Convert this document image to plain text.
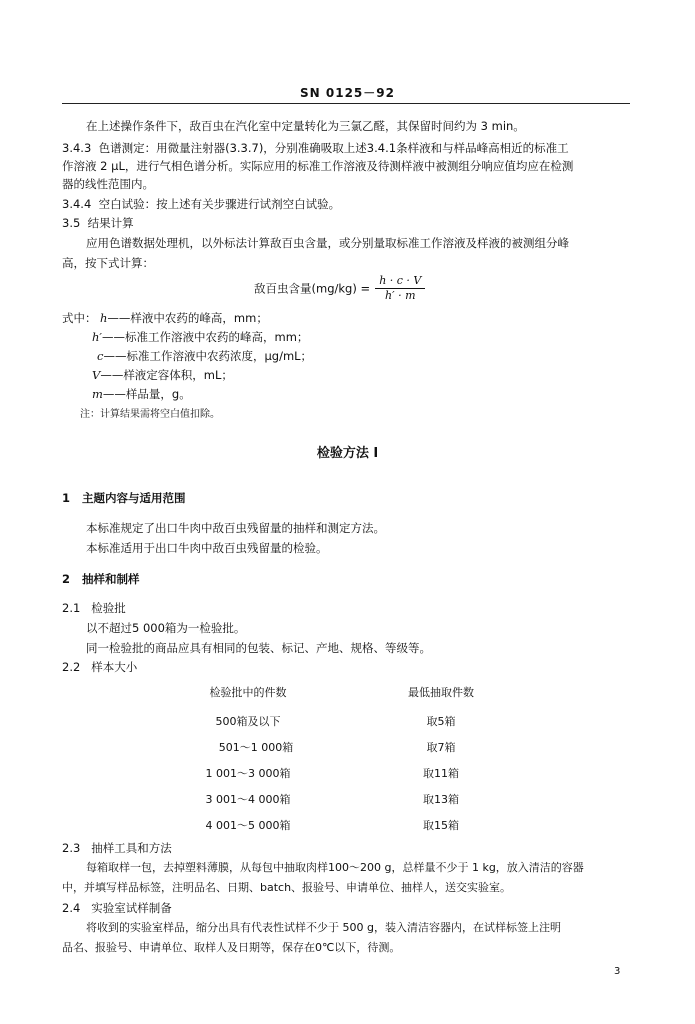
SN 0125－92
在上述操作条件下，敌百虫在汽化室中定量转化为三氯乙醛，其保留时间约为 3 min。
3.4.3 色谱测定：用微量注射器(3.3.7)，分别准确吸取上述3.4.1条样液和与样品峰高相近的标准工
作溶液 2 μL，进行气相色谱分析。实际应用的标准工作溶液及待测样液中被测组分响应值均应在检测
器的线性范围内。
3.4.4 空白试验：按上述有关步骤进行试剂空白试验。
3.5 结果计算
应用色谱数据处理机，以外标法计算敌百虫含量，或分别量取标准工作溶液及样液的被测组分峰
高，按下式计算：
敌百虫含量$(mg/kg) = \frac{h \cdot c \cdot V}{h' \cdot m}$
式中： h——样液中农药的峰高，mm；
h′——标准工作溶液中农药的峰高，mm；
c——标准工作溶液中农药浓度，μg/mL；
V——样液定容体积，mL；
m——样品量，g。
注：计算结果需将空白值扣除。
检验方法 I
1 主题内容与适用范围
本标准规定了出口牛肉中敌百虫残留量的抽样和测定方法。
本标准适用于出口牛肉中敌百虫残留量的检验。
2 抽样和制样
2.1 检验批
以不超过5 000箱为一检验批。
同一检验批的商品应具有相同的包装、标记、产地、规格、等级等。
2.2 样本大小
检验批中的件数	最低抽取件数
500箱及以下	取5箱
501～1 000箱	取7箱
1 001～3 000箱	取11箱
3 001～4 000箱	取13箱
4 001～5 000箱	取15箱
2.3 抽样工具和方法
每箱取样一包，去掉塑料薄膜，从每包中抽取肉样100～200 g，总样量不少于 1 kg，放入清洁的容器
中，并填写样品标签，注明品名、日期、batch、报验号、申请单位、抽样人，送交实验室。
2.4 实验室试样制备
将收到的实验室样品，缩分出具有代表性试样不少于 500 g，装入清洁容器内，在试样标签上注明
品名、报验号、申请单位、取样人及日期等，保存在0℃以下，待测。
3
